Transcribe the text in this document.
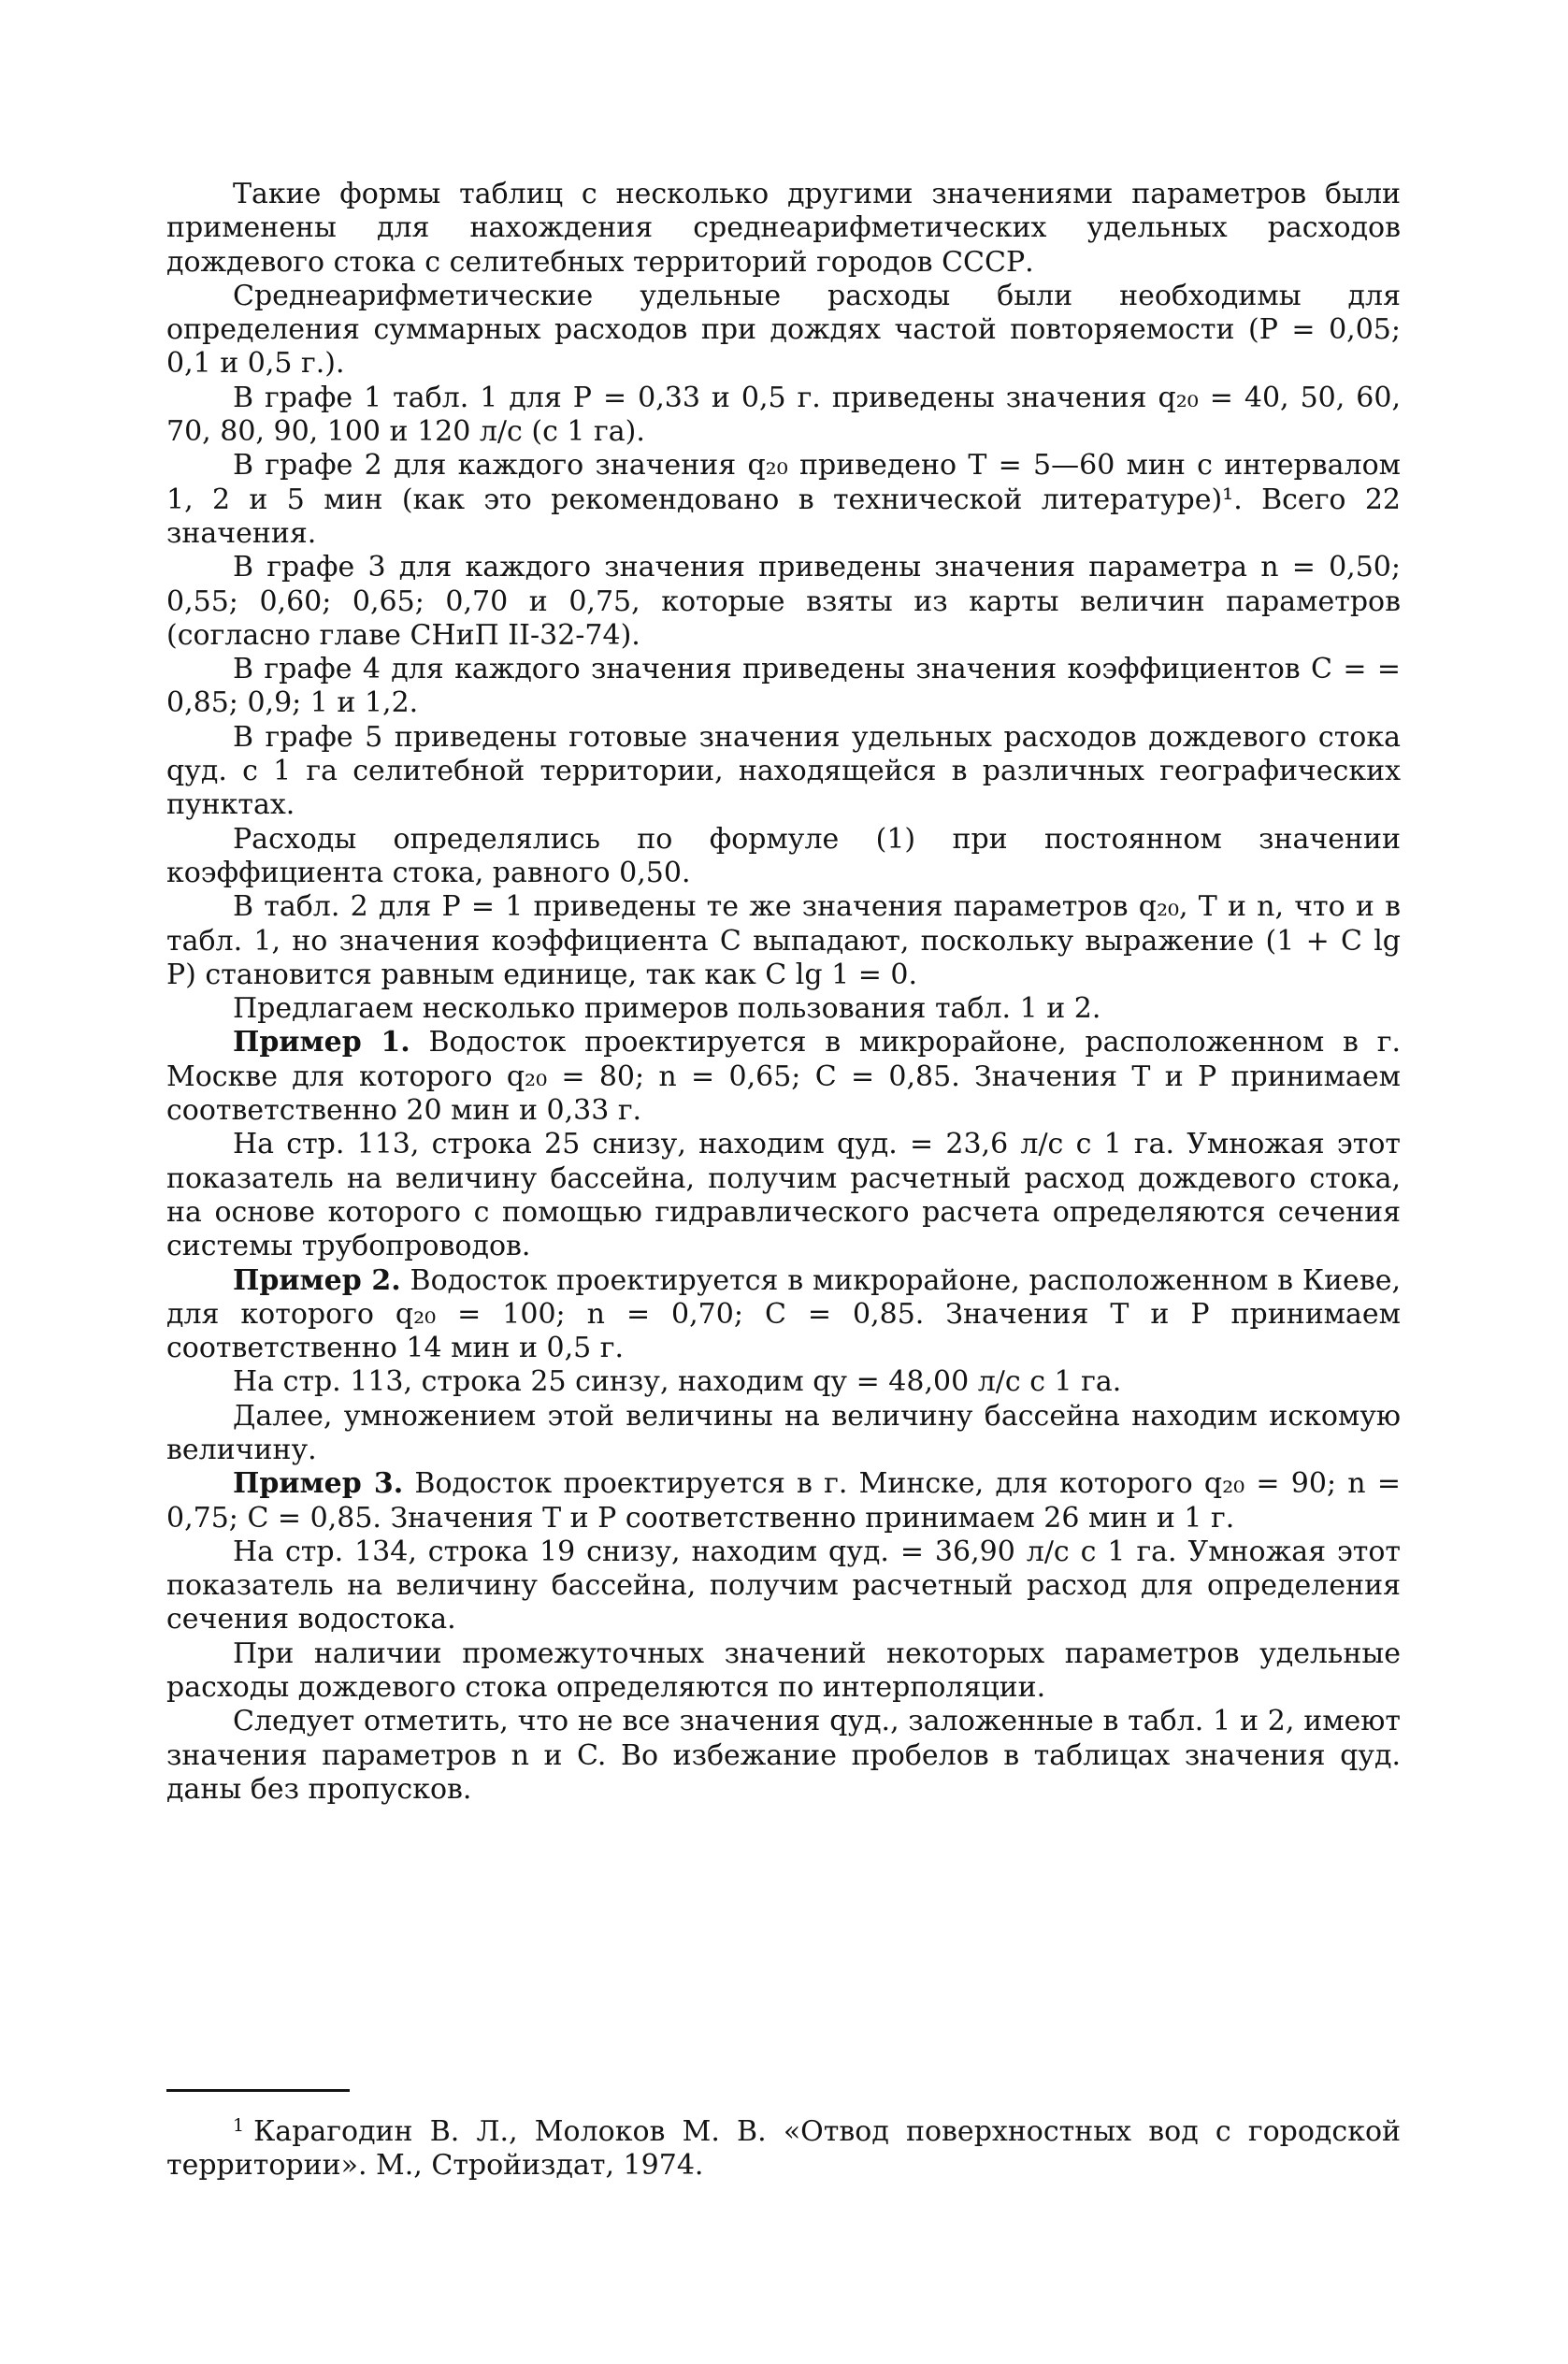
Такие формы таблиц с несколько другими значениями параметров были применены для нахождения среднеарифметических удельных расходов дождевого стока с селитебных территорий городов СССР.

Среднеарифметические удельные расходы были необходимы для определения суммарных расходов при дождях частой повторяемости (P = 0,05; 0,1 и 0,5 г.).

В графе 1 табл. 1 для P = 0,33 и 0,5 г. приведены значения q₂₀ = 40, 50, 60, 70, 80, 90, 100 и 120 л/с (с 1 га).

В графе 2 для каждого значения q₂₀ приведено T = 5—60 мин с интервалом 1, 2 и 5 мин (как это рекомендовано в технической литературе)¹. Всего 22 значения.

В графе 3 для каждого значения приведены значения параметра n = 0,50; 0,55; 0,60; 0,65; 0,70 и 0,75, которые взяты из карты величин параметров (согласно главе СНиП II-32-74).

В графе 4 для каждого значения приведены значения коэффициентов C = = 0,85; 0,9; 1 и 1,2.

В графе 5 приведены готовые значения удельных расходов дождевого стока qуд. с 1 га селитебной территории, находящейся в различных географических пунктах.

Расходы определялись по формуле (1) при постоянном значении коэффициента стока, равного 0,50.

В табл. 2 для P = 1 приведены те же значения параметров q₂₀, T и n, что и в табл. 1, но значения коэффициента C выпадают, поскольку выражение (1 + C lg P) становится равным единице, так как C lg 1 = 0.

Предлагаем несколько примеров пользования табл. 1 и 2.

Пример 1. Водосток проектируется в микрорайоне, расположенном в г. Москве для которого q₂₀ = 80; n = 0,65; C = 0,85. Значения T и P принимаем соответственно 20 мин и 0,33 г.

На стр. 113, строка 25 снизу, находим qуд. = 23,6 л/с с 1 га. Умножая этот показатель на величину бассейна, получим расчетный расход дождевого стока, на основе которого с помощью гидравлического расчета определяются сечения системы трубопроводов.

Пример 2. Водосток проектируется в микрорайоне, расположенном в Киеве, для которого q₂₀ = 100; n = 0,70; C = 0,85. Значения T и P принимаем соответственно 14 мин и 0,5 г.

На стр. 113, строка 25 синзу, находим qу = 48,00 л/с с 1 га.

Далее, умножением этой величины на величину бассейна находим искомую величину.

Пример 3. Водосток проектируется в г. Минске, для которого q₂₀ = 90; n = 0,75; C = 0,85. Значения T и P соответственно принимаем 26 мин и 1 г.

На стр. 134, строка 19 снизу, находим qуд. = 36,90 л/с с 1 га. Умножая этот показатель на величину бассейна, получим расчетный расход для определения сечения водостока.

При наличии промежуточных значений некоторых параметров удельные расходы дождевого стока определяются по интерполяции.

Следует отметить, что не все значения qуд., заложенные в табл. 1 и 2, имеют значения параметров n и C. Во избежание пробелов в таблицах значения qуд. даны без пропусков.

$^1$ Карагодин В. Л., Молоков М. В. «Отвод поверхностных вод с городской территории». М., Стройиздат, 1974.
